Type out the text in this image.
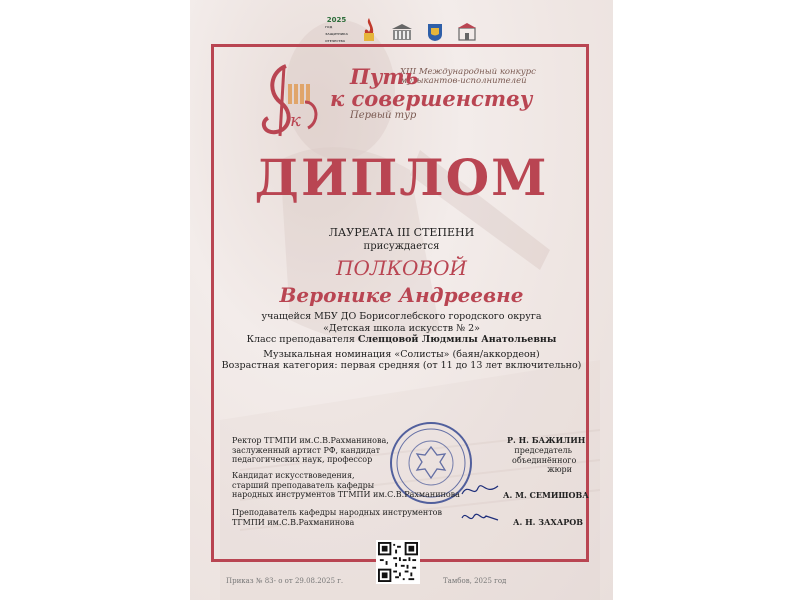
2025
ГОД ЗАЩИТНИКА ОТЕЧЕСТВА
к
XIII Международный конкурс музыкантов-исполнителей
Путь
к совершенству
Первый тур
ДИПЛОМ
ЛАУРЕАТА III СТЕПЕНИ
присуждается
ПОЛКОВОЙ
Веронике Андреевне
учащейся МБУ ДО Борисоглебского городского округа
«Детская школа искусств № 2»
Класс преподавателя Слепцовой Людмилы Анатольевны
Музыкальная номинация «Солисты» (баян/аккордеон)
Возрастная категория: первая средняя (от 11 до 13 лет включительно)
Ректор ТГМПИ им.С.В.Рахманинова,
заслуженный артист РФ, кандидат
педагогических наук, профессор
Р. Н. БАЖИЛИН
председатель
объединённого жюри
Кандидат искусствоведения,
старший преподаватель кафедры
народных инструментов ТГМПИ им.С.В.Рахманинова	А. М. СЕМИШОВА
Преподаватель кафедры народных инструментов
ТГМПИ им.С.В.Рахманинова	А. Н. ЗАХАРОВ
Приказ № 83- о от 29.08.2025 г.	Тамбов, 2025 год
